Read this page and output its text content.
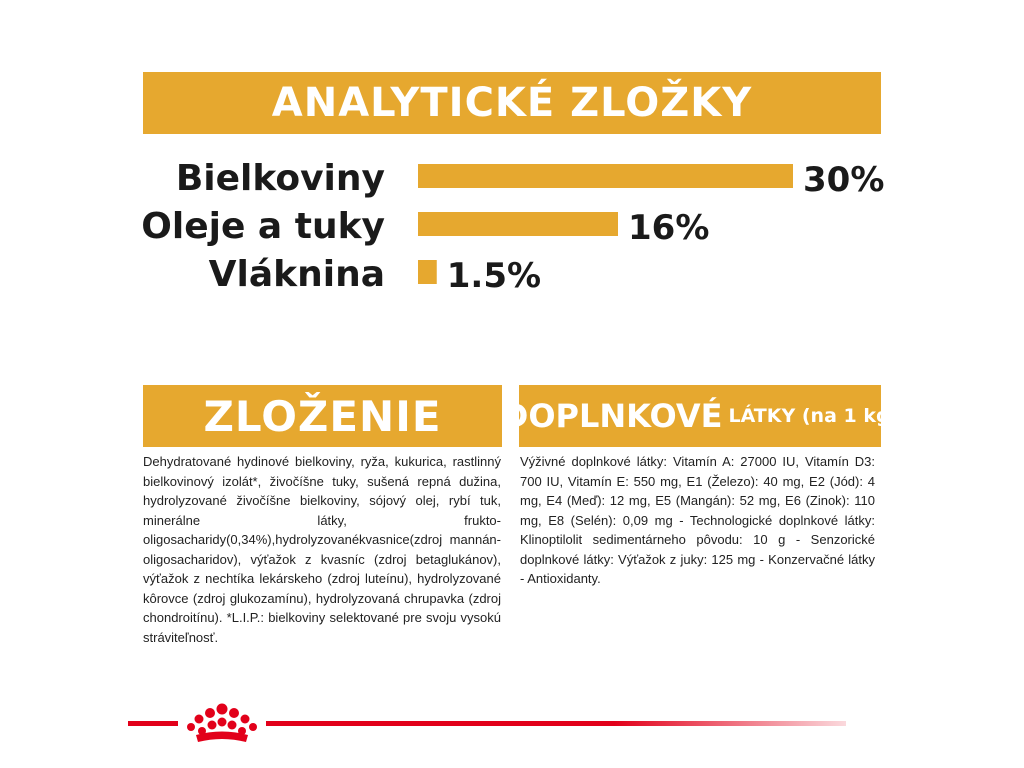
ANALYTICKÉ ZLOŽKY
Bielkoviny	30%
Oleje a tuky	16%
Vláknina 1.5%
ZLOŽENIE DOPLNKOVÉ LÁTKY (na 1 kg)

Dehydratované hydinové bielkoviny, ryža, kukurica, rastlinný bielkovinový izolát*, živočíšne tuky, sušená repná dužina, hydrolyzované živočíšne bielkoviny, sójový olej, rybí tuk, minerálne látky, frukto-oligosacharidy(0,34%),hydrolyzovanékvasnice(zdroj mannán-oligosacharidov), výťažok z kvasníc (zdroj betaglukánov), výťažok z nechtíka lekárskeho (zdroj luteínu), hydrolyzované kôrovce (zdroj glukozamínu), hydrolyzovaná chrupavka (zdroj chondroitínu). *L.I.P.: bielkoviny selektované pre svoju vysokú stráviteľnosť.

Výživné doplnkové látky: Vitamín A: 27000 IU, Vitamín D3: 700 IU, Vitamín E: 550 mg, E1 (Železo): 40 mg, E2 (Jód): 4 mg, E4 (Meď): 12 mg, E5 (Mangán): 52 mg, E6 (Zinok): 110 mg, E8 (Selén): 0,09 mg - Technologické doplnkové látky: Klinoptilolit sedimentárneho pôvodu: 10 g - Senzorické doplnkové látky: Výťažok z juky: 125 mg - Konzervačné látky - Antioxidanty.
